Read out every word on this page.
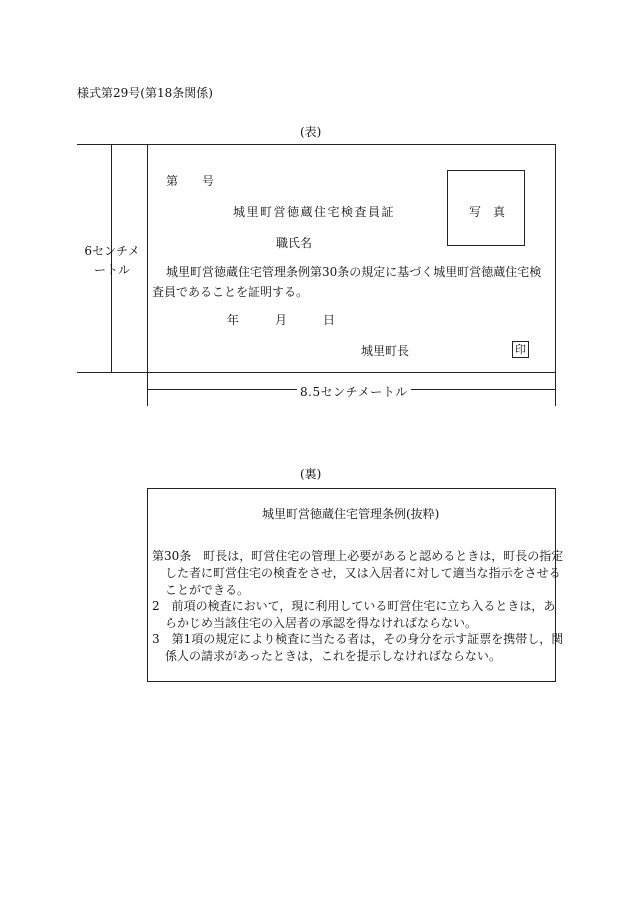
様式第29号(第18条関係)
(表)
6センチメートル
第　　号
城里町営徳蔵住宅検査員証	写　真
職氏名
城里町営徳蔵住宅管理条例第30条の規定に基づく城里町営徳蔵住宅検査員であることを証明する。
年　　　月　　　日
城里町長	印
8.5センチメートル
(裏)
城里町営徳蔵住宅管理条例(抜粋)
第30条　町長は，町営住宅の管理上必要があると認めるときは，町長の指定した者に町営住宅の検査をさせ，又は入居者に対して適当な指示をさせることができる。
2　前項の検査において，現に利用している町営住宅に立ち入るときは，あらかじめ当該住宅の入居者の承認を得なければならない。
3　第1項の規定により検査に当たる者は，その身分を示す証票を携帯し，関係人の請求があったときは，これを提示しなければならない。
